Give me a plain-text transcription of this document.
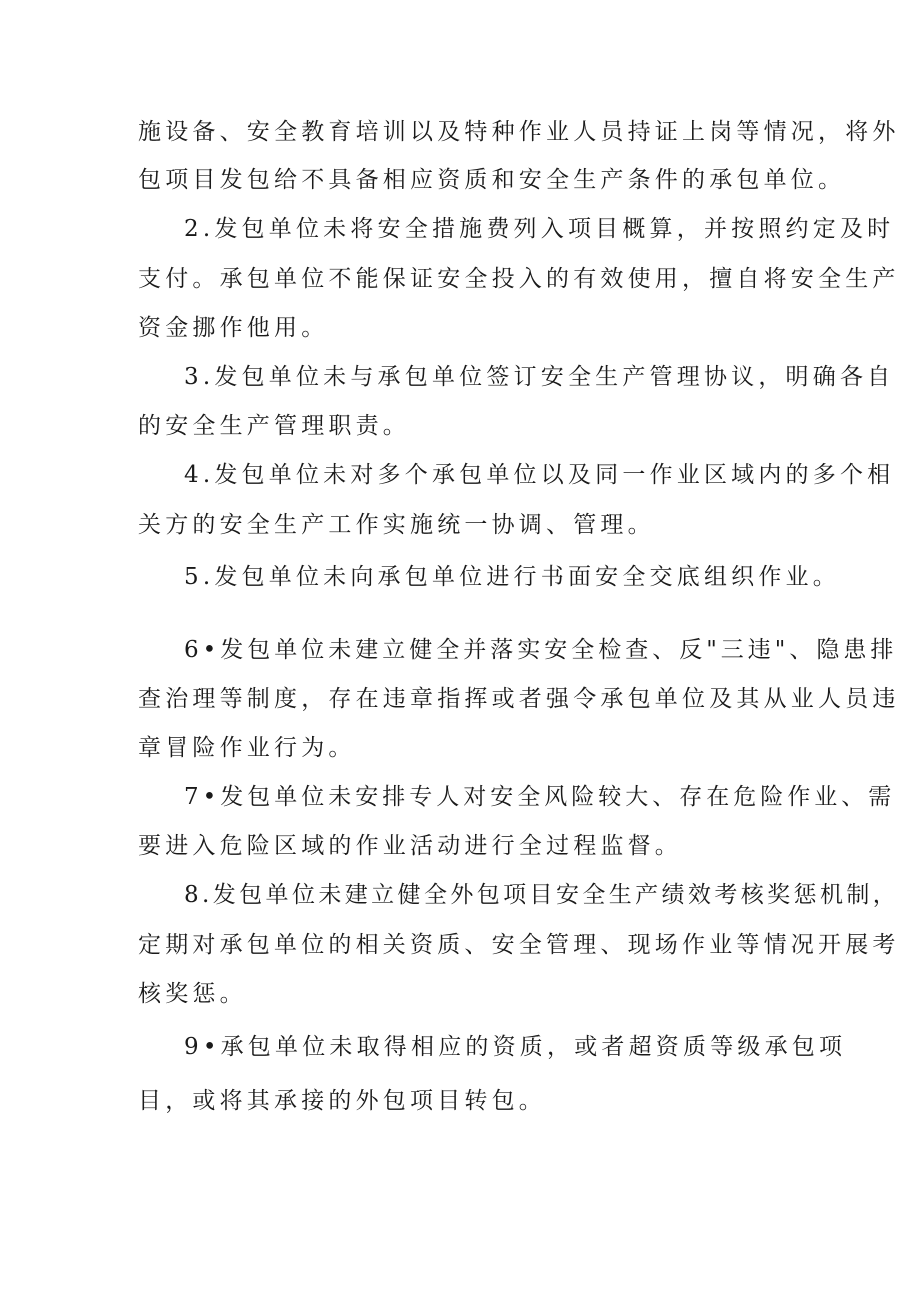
施设备、安全教育培训以及特种作业人员持证上岗等情况，将外
包项目发包给不具备相应资质和安全生产条件的承包单位。
2.发包单位未将安全措施费列入项目概算，并按照约定及时
支付。承包单位不能保证安全投入的有效使用，擅自将安全生产
资金挪作他用。
3.发包单位未与承包单位签订安全生产管理协议，明确各自
的安全生产管理职责。
4.发包单位未对多个承包单位以及同一作业区域内的多个相
关方的安全生产工作实施统一协调、管理。
5.发包单位未向承包单位进行书面安全交底组织作业。
6•发包单位未建立健全并落实安全检查、反"三违"、隐患排
查治理等制度，存在违章指挥或者强令承包单位及其从业人员违
章冒险作业行为。
7•发包单位未安排专人对安全风险较大、存在危险作业、需
要进入危险区域的作业活动进行全过程监督。
8.发包单位未建立健全外包项目安全生产绩效考核奖惩机制，
定期对承包单位的相关资质、安全管理、现场作业等情况开展考
核奖惩。
9•承包单位未取得相应的资质，或者超资质等级承包项
目，或将其承接的外包项目转包。
